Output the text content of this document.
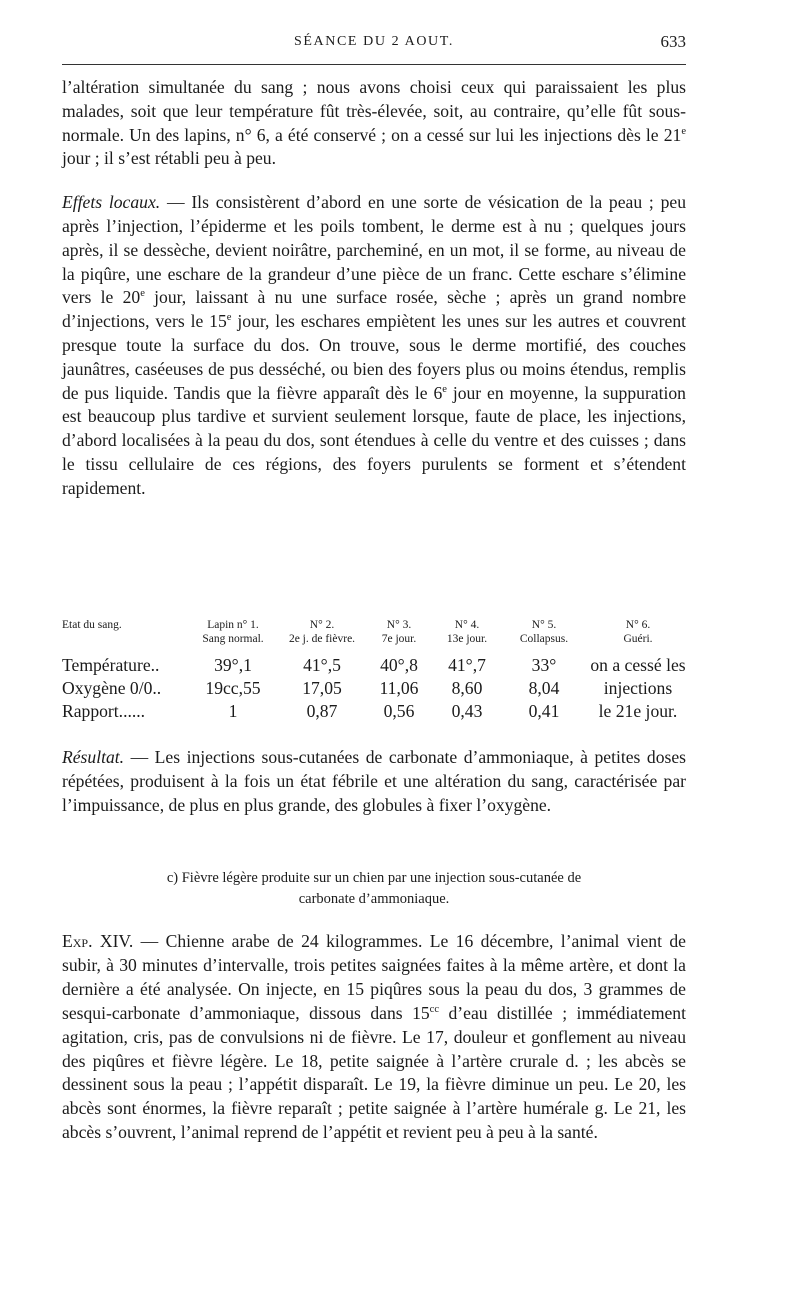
SÉANCE DU 2 AOUT.	633

l’altération simultanée du sang ; nous avons choisi ceux qui paraissaient les plus malades, soit que leur température fût très-élevée, soit, au contraire, qu’elle fût sous-normale. Un des lapins, n° 6, a été conservé ; on a cessé sur lui les injections dès le 21e jour ; il s’est rétabli peu à peu.

Effets locaux. — Ils consistèrent d’abord en une sorte de vésication de la peau ; peu après l’injection, l’épiderme et les poils tombent, le derme est à nu ; quelques jours après, il se dessèche, devient noirâtre, parcheminé, en un mot, il se forme, au niveau de la piqûre, une eschare de la grandeur d’une pièce de un franc. Cette eschare s’élimine vers le 20e jour, laissant à nu une surface rosée, sèche ; après un grand nombre d’injections, vers le 15e jour, les eschares empiètent les unes sur les autres et couvrent presque toute la surface du dos. On trouve, sous le derme mortifié, des couches jaunâtres, caséeuses de pus desséché, ou bien des foyers plus ou moins étendus, remplis de pus liquide. Tandis que la fièvre apparaît dès le 6e jour en moyenne, la suppuration est beaucoup plus tardive et survient seulement lorsque, faute de place, les injections, d’abord localisées à la peau du dos, sont étendues à celle du ventre et des cuisses ; dans le tissu cellulaire de ces régions, des foyers purulents se forment et s’étendent rapidement.

Etat du sang.	Lapin n° 1.	N° 2.	N° 3.	N° 4.	N° 5.	N° 6.
	Sang normal.	2e j. de fièvre.	7e jour.	13e jour.	Collapsus.	Guéri.
Température..	39°,1	41°,5	40°,8	41°,7	33°	on a cessé les
Oxygène 0/0..	19cc,55	17,05	11,06	8,60	8,04	injections
Rapport......	1	0,87	0,56	0,43	0,41	le 21e jour.

Résultat. — Les injections sous-cutanées de carbonate d’ammoniaque, à petites doses répétées, produisent à la fois un état fébrile et une altération du sang, caractérisée par l’impuissance, de plus en plus grande, des globules à fixer l’oxygène.

c) Fièvre légère produite sur un chien par une injection sous-cutanée de
carbonate d’ammoniaque.

Exp. XIV. — Chienne arabe de 24 kilogrammes. Le 16 décembre, l’animal vient de subir, à 30 minutes d’intervalle, trois petites saignées faites à la même artère, et dont la dernière a été analysée. On injecte, en 15 piqûres sous la peau du dos, 3 grammes de sesqui-carbonate d’ammoniaque, dissous dans $15^{cc}$ d’eau distillée ; immédiatement agitation, cris, pas de convulsions ni de fièvre. Le 17, douleur et gonflement au niveau des piqûres et fièvre légère. Le 18, petite saignée à l’artère crurale d. ; les abcès se dessinent sous la peau ; l’appétit disparaît. Le 19, la fièvre diminue un peu. Le 20, les abcès sont énormes, la fièvre reparaît ; petite saignée à l’artère humérale g. Le 21, les abcès s’ouvrent, l’animal reprend de l’appétit et revient peu à peu à la santé.
